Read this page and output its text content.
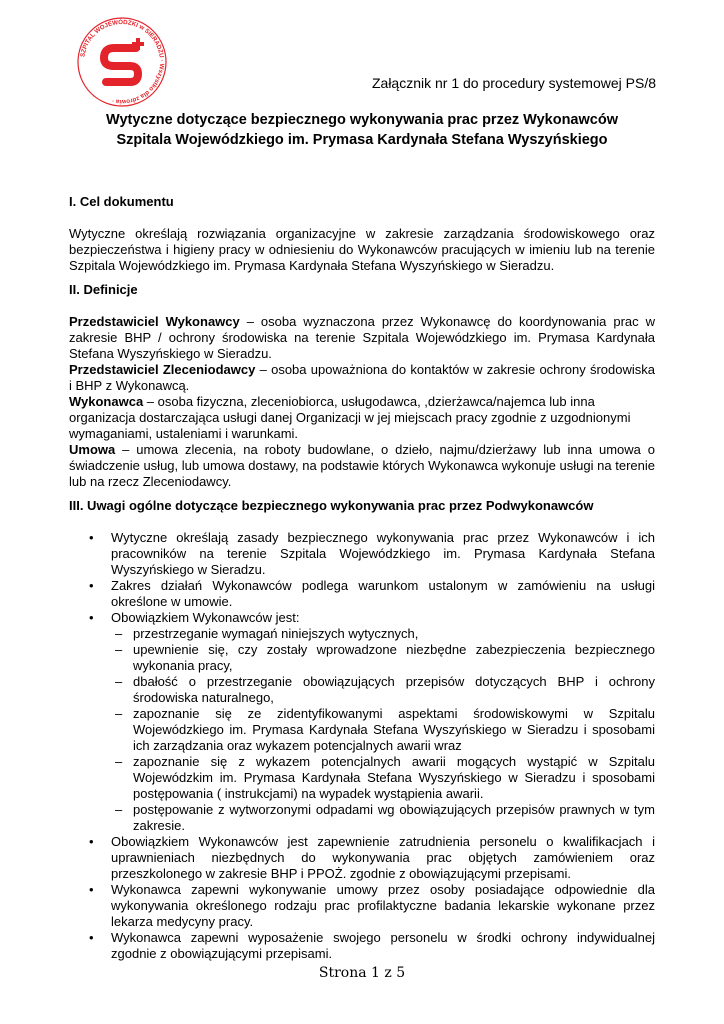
SZPITAL WOJEWÓDZKI w SIERADZU · Wszystko dla zdrowia ·
Załącznik nr 1 do procedury systemowej PS/8
Wytyczne dotyczące bezpiecznego wykonywania prac przez Wykonawców
Szpitala Wojewódzkiego im. Prymasa Kardynała Stefana Wyszyńskiego

I. Cel dokumentu

Wytyczne określają rozwiązania organizacyjne w zakresie zarządzania środowiskowego oraz bezpieczeństwa i higieny pracy w odniesieniu do Wykonawców pracujących w imieniu lub na terenie Szpitala Wojewódzkiego im. Prymasa Kardynała Stefana Wyszyńskiego w Sieradzu.

II. Definicje

Przedstawiciel Wykonawcy – osoba wyznaczona przez Wykonawcę do koordynowania prac w zakresie BHP / ochrony środowiska na terenie Szpitala Wojewódzkiego im. Prymasa Kardynała Stefana Wyszyńskiego w Sieradzu.

Przedstawiciel Zleceniodawcy – osoba upoważniona do kontaktów w zakresie ochrony środowiska i BHP z Wykonawcą.

Wykonawca – osoba fizyczna, zleceniobiorca, usługodawca, ,dzierżawca/najemca lub inna organizacja dostarczająca usługi danej Organizacji w jej miejscach pracy zgodnie z uzgodnionymi wymaganiami, ustaleniami i warunkami.

Umowa – umowa zlecenia, na roboty budowlane, o dzieło, najmu/dzierżawy lub inna umowa o świadczenie usług, lub umowa dostawy, na podstawie których Wykonawca wykonuje usługi na terenie lub na rzecz Zleceniodawcy.

III. Uwagi ogólne dotyczące bezpiecznego wykonywania prac przez Podwykonawców

• Wytyczne określają zasady bezpiecznego wykonywania prac przez Wykonawców i ich pracowników na terenie Szpitala Wojewódzkiego im. Prymasa Kardynała Stefana Wyszyńskiego w Sieradzu.
• Zakres działań Wykonawców podlega warunkom ustalonym w zamówieniu na usługi określone w umowie.
• Obowiązkiem Wykonawców jest:
– przestrzeganie wymagań niniejszych wytycznych,
– upewnienie się, czy zostały wprowadzone niezbędne zabezpieczenia bezpiecznego wykonania pracy,
– dbałość o przestrzeganie obowiązujących przepisów dotyczących BHP i ochrony środowiska naturalnego,
– zapoznanie się ze zidentyfikowanymi aspektami środowiskowymi w Szpitalu Wojewódzkiego im. Prymasa Kardynała Stefana Wyszyńskiego w Sieradzu i sposobami ich zarządzania oraz wykazem potencjalnych awarii wraz
– zapoznanie się z wykazem potencjalnych awarii mogących wystąpić w Szpitalu Wojewódzkim im. Prymasa Kardynała Stefana Wyszyńskiego w Sieradzu i sposobami postępowania ( instrukcjami) na wypadek wystąpienia awarii.
– postępowanie z wytworzonymi odpadami wg obowiązujących przepisów prawnych w tym zakresie.
• Obowiązkiem Wykonawców jest zapewnienie zatrudnienia personelu o kwalifikacjach i uprawnieniach niezbędnych do wykonywania prac objętych zamówieniem oraz przeszkolonego w zakresie BHP i PPOŻ. zgodnie z obowiązującymi przepisami.
• Wykonawca zapewni wykonywanie umowy przez osoby posiadające odpowiednie dla wykonywania określonego rodzaju prac profilaktyczne badania lekarskie wykonane przez lekarza medycyny pracy.
• Wykonawca zapewni wyposażenie swojego personelu w środki ochrony indywidualnej zgodnie z obowiązującymi przepisami.
Strona 1 z 5
